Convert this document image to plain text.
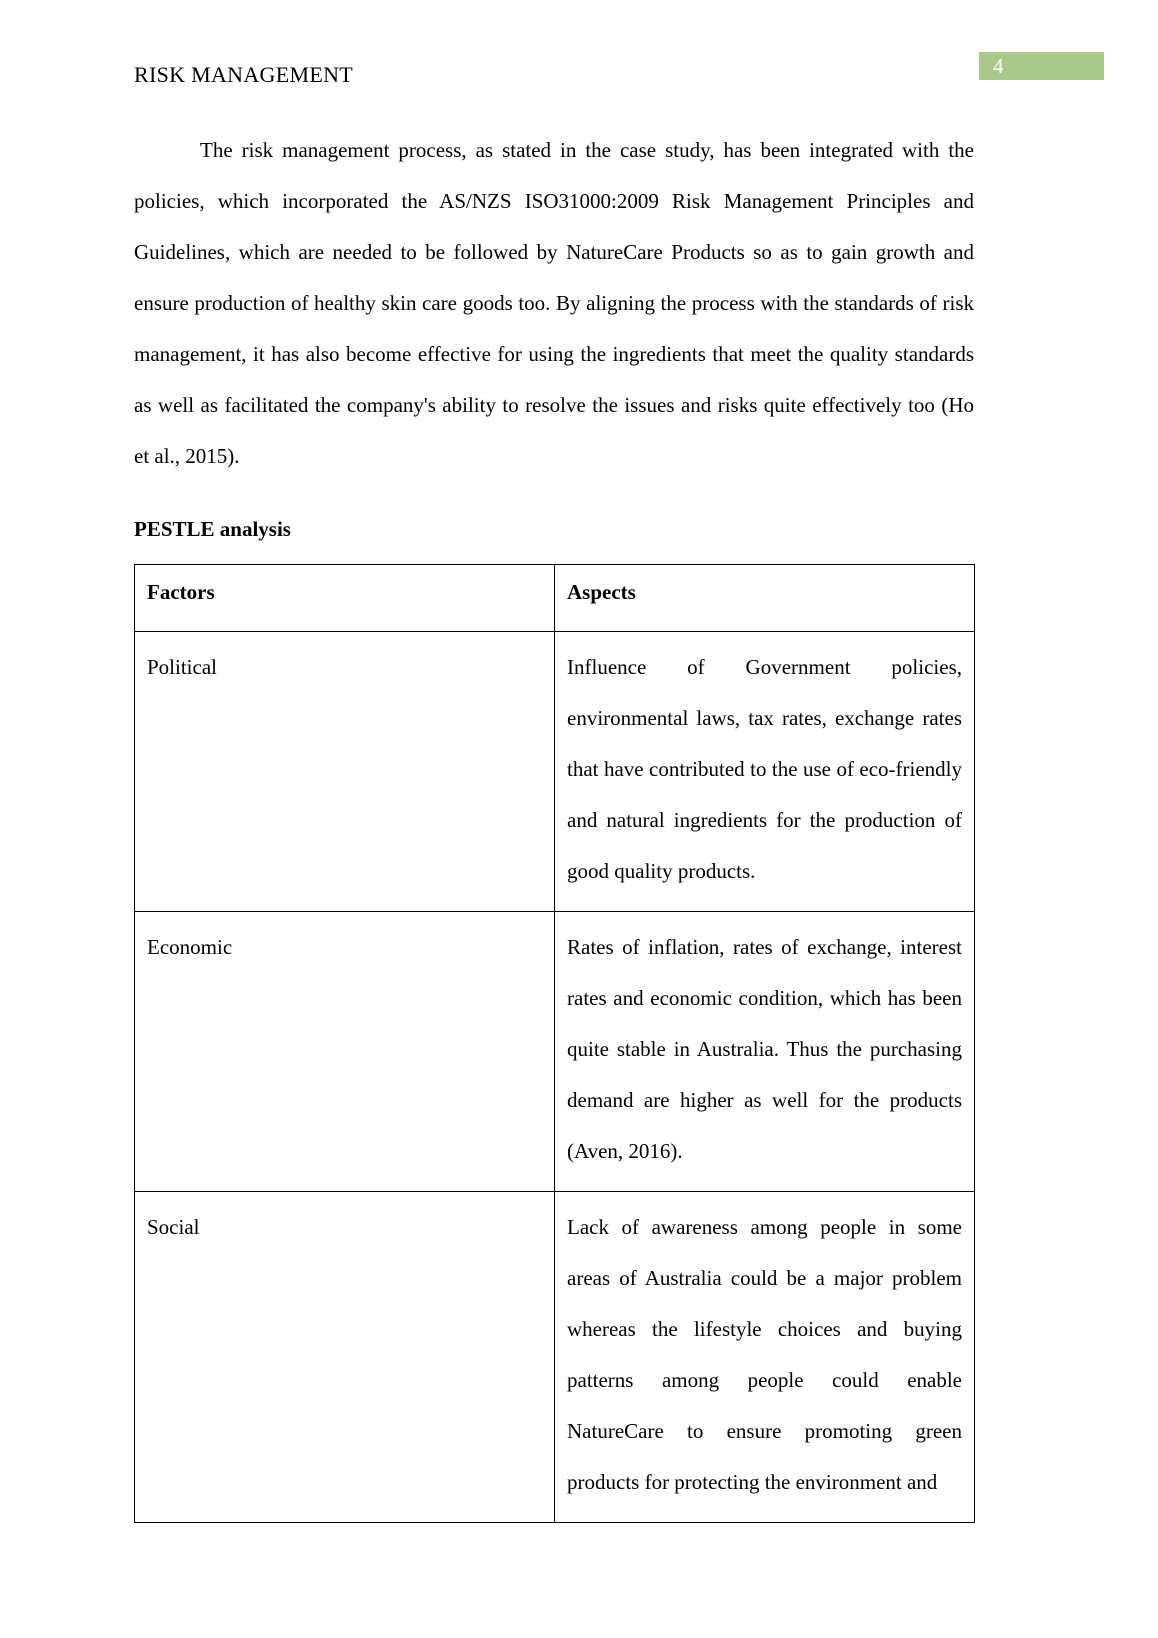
4
RISK MANAGEMENT

The risk management process, as stated in the case study, has been integrated with the policies, which incorporated the AS/NZS ISO31000:2009 Risk Management Principles and Guidelines, which are needed to be followed by NatureCare Products so as to gain growth and ensure production of healthy skin care goods too. By aligning the process with the standards of risk management, it has also become effective for using the ingredients that meet the quality standards as well as facilitated the company's ability to resolve the issues and risks quite effectively too (Ho et al., 2015).

PESTLE analysis
Factors	Aspects
Political	Influence of Government policies, environmental laws, tax rates, exchange rates that have contributed to the use of eco-friendly and natural ingredients for the production of good quality products.
Economic	Rates of inflation, rates of exchange, interest rates and economic condition, which has been quite stable in Australia. Thus the purchasing demand are higher as well for the products (Aven, 2016).
Social	Lack of awareness among people in some areas of Australia could be a major problem whereas the lifestyle choices and buying patterns among people could enable NatureCare to ensure promoting green products for protecting the environment and
